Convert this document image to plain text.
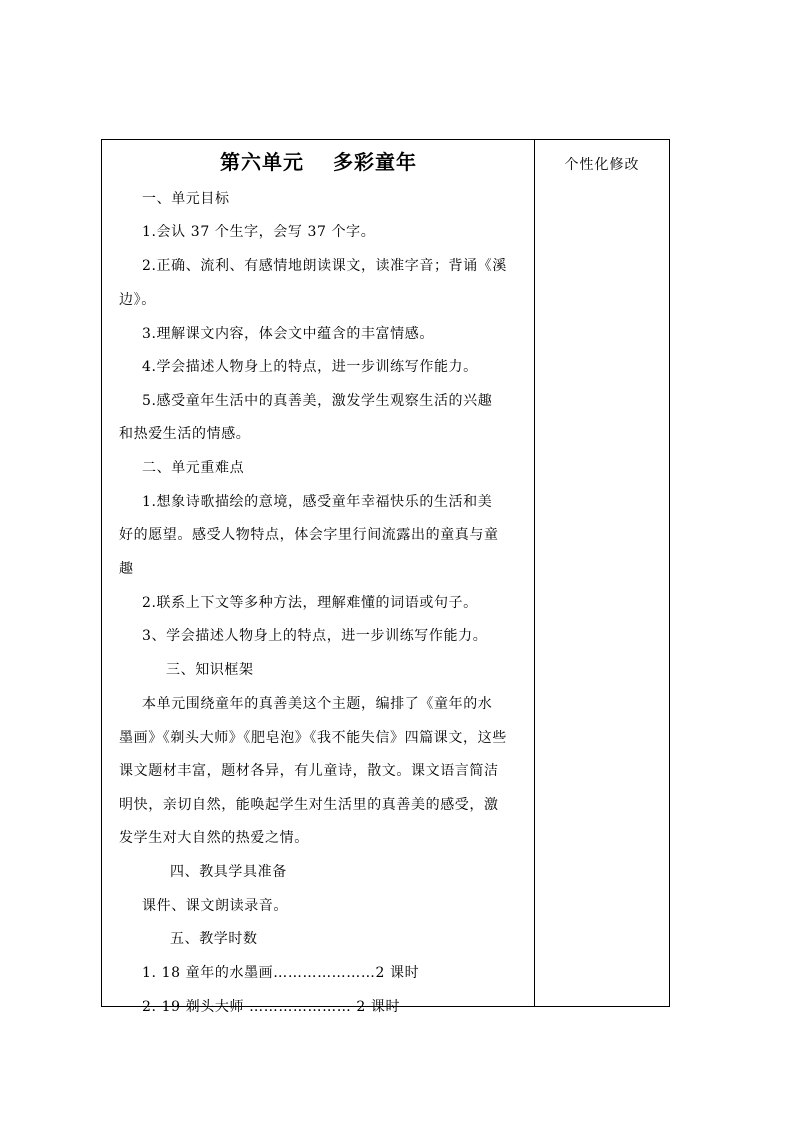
第六单元　 多彩童年
一、单元目标
1.会认 37 个生字，会写 37 个字。
2.正确、流利、有感情地朗读课文，读准字音；背诵《溪
边》。
3.理解课文内容，体会文中蕴含的丰富情感。
4.学会描述人物身上的特点，进一步训练写作能力。
5.感受童年生活中的真善美，激发学生观察生活的兴趣
和热爱生活的情感。
二、单元重难点
1.想象诗歌描绘的意境，感受童年幸福快乐的生活和美
好的愿望。感受人物特点，体会字里行间流露出的童真与童
趣
2.联系上下文等多种方法，理解难懂的词语或句子。
3、学会描述人物身上的特点，进一步训练写作能力。
三、知识框架
本单元围绕童年的真善美这个主题，编排了《童年的水
墨画》《剃头大师》《肥皂泡》《我不能失信》四篇课文，这些
课文题材丰富，题材各异，有儿童诗，散文。课文语言简洁
明快，亲切自然，能唤起学生对生活里的真善美的感受，激
发学生对大自然的热爱之情。
四、教具学具准备
课件、课文朗读录音。
五、教学时数
1. 18 童年的水墨画…………………2 课时
2. 19 剃头大师 ………………… 2 课时
个性化修改
